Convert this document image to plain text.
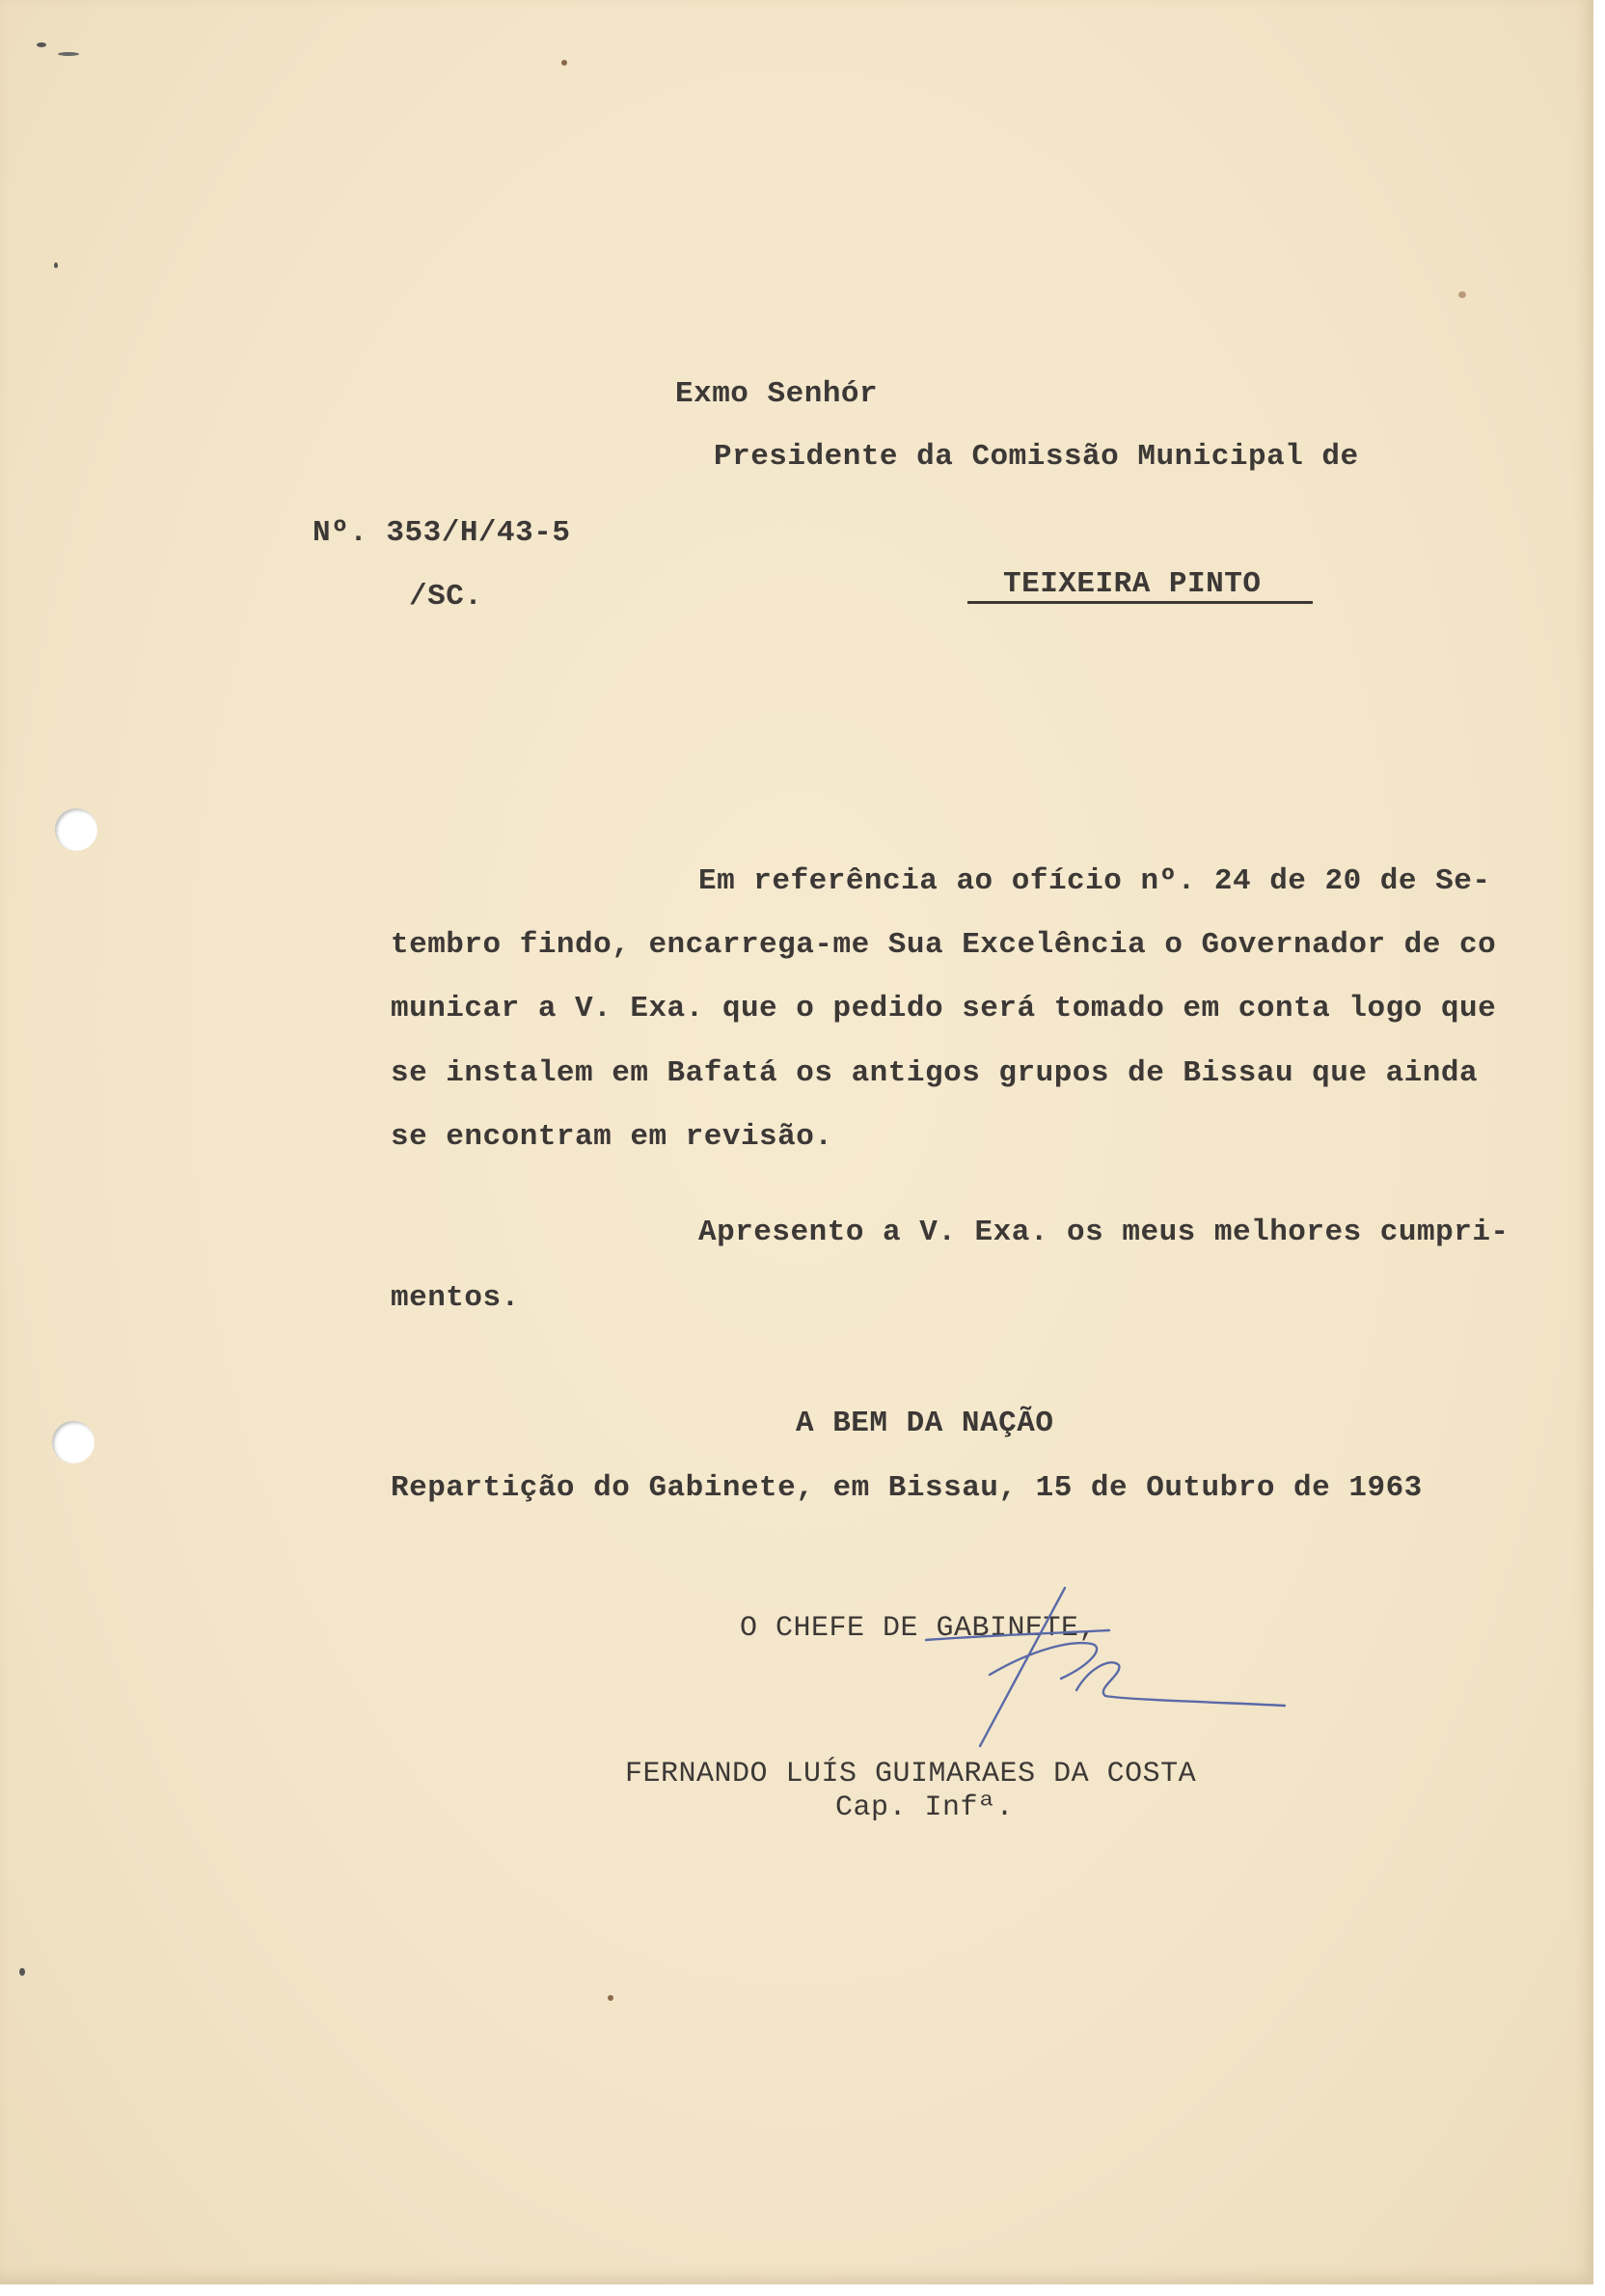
Exmo Senhór
Presidente da Comissão Municipal de
Nº. 353/H/43-5
/SC.	TEIXEIRA PINTO
Em referência ao ofício nº. 24 de 20 de Se-
tembro findo, encarrega-me Sua Excelência o Governador de co
municar a V. Exa. que o pedido será tomado em conta logo que
se instalem em Bafatá os antigos grupos de Bissau que ainda
se encontram em revisão.
Apresento a V. Exa. os meus melhores cumpri-
mentos.
A BEM DA NAÇÃO
Repartição do Gabinete, em Bissau, 15 de Outubro de 1963
O CHEFE DE GABINETE,
FERNANDO LUÍS GUIMARAES DA COSTA
Cap. Infª.
